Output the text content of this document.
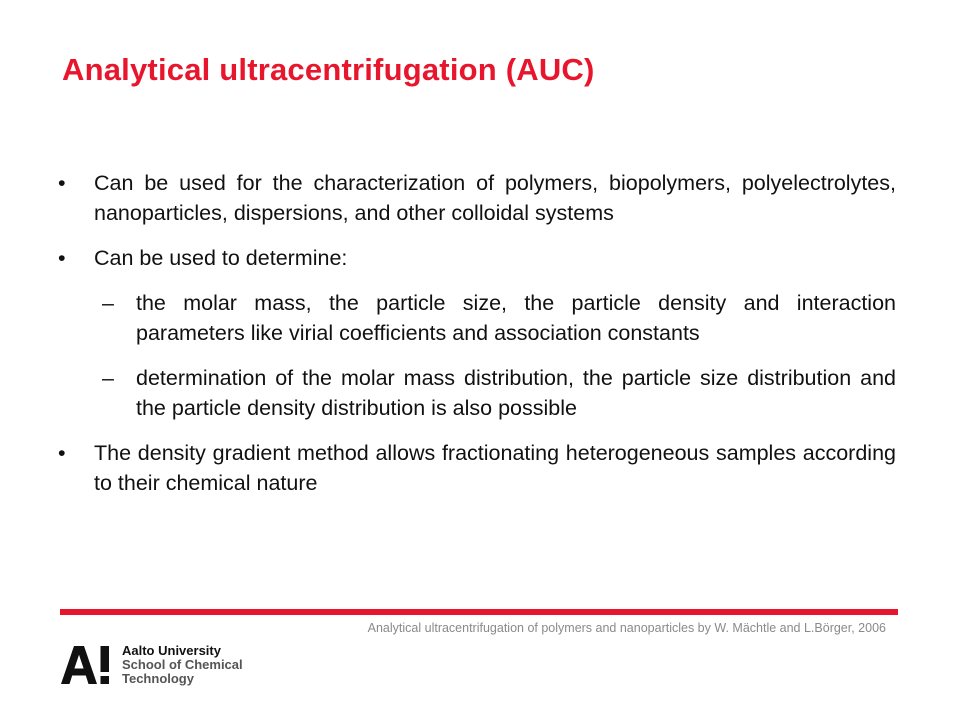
Analytical ultracentrifugation (AUC)
• Can be used for the characterization of polymers, biopolymers, polyelectrolytes, nanoparticles, dispersions, and other colloidal systems
• Can be used to determine:
– the molar mass, the particle size, the particle density and interaction parameters like virial coefficients and association constants
– determination of the molar mass distribution, the particle size distribution and the particle density distribution is also possible
• The density gradient method allows fractionating heterogeneous samples according to their chemical nature
Analytical ultracentrifugation of polymers and nanoparticles by W. Mächtle and L.Börger, 2006
Aalto University
School of Chemical
Technology
